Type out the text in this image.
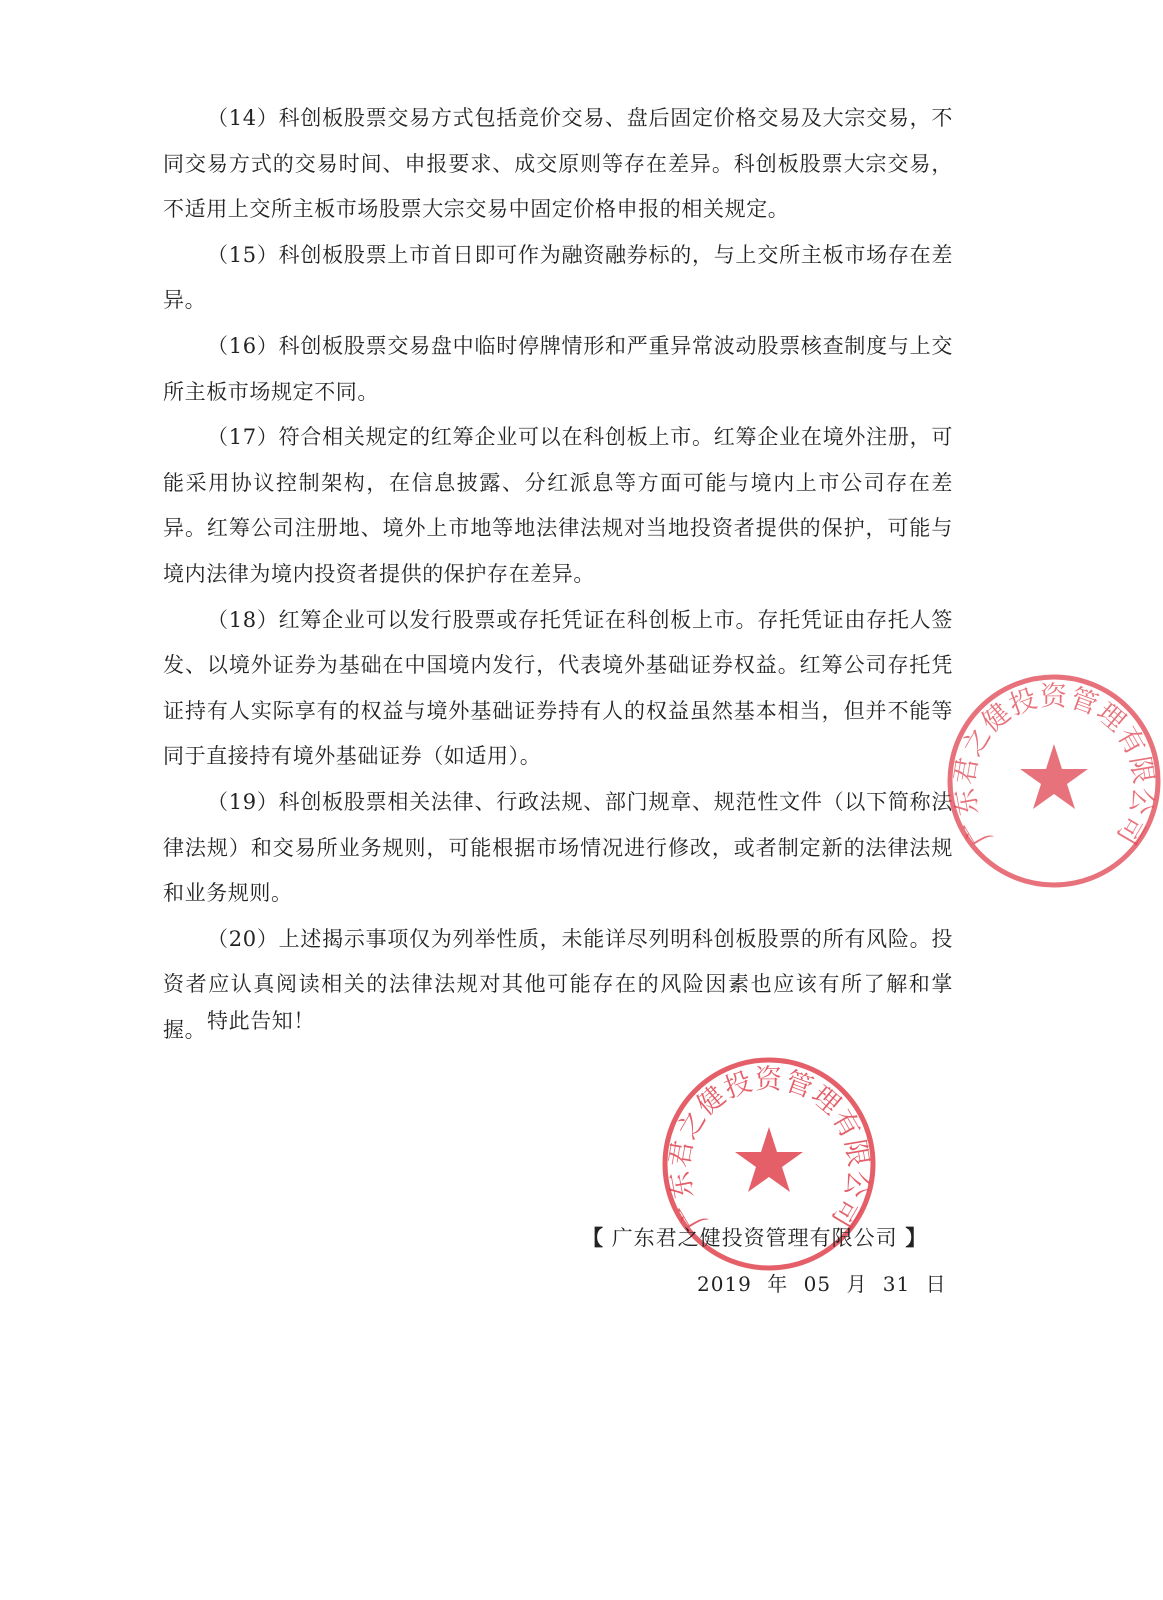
（14）科创板股票交易方式包括竞价交易、盘后固定价格交易及大宗交易，不同交易方式的交易时间、申报要求、成交原则等存在差异。科创板股票大宗交易，不适用上交所主板市场股票大宗交易中固定价格申报的相关规定。

（15）科创板股票上市首日即可作为融资融券标的，与上交所主板市场存在差异。

（16）科创板股票交易盘中临时停牌情形和严重异常波动股票核查制度与上交所主板市场规定不同。

（17）符合相关规定的红筹企业可以在科创板上市。红筹企业在境外注册，可能采用协议控制架构，在信息披露、分红派息等方面可能与境内上市公司存在差异。红筹公司注册地、境外上市地等地法律法规对当地投资者提供的保护，可能与境内法律为境内投资者提供的保护存在差异。

（18）红筹企业可以发行股票或存托凭证在科创板上市。存托凭证由存托人签发、以境外证券为基础在中国境内发行，代表境外基础证券权益。红筹公司存托凭证持有人实际享有的权益与境外基础证券持有人的权益虽然基本相当，但并不能等同于直接持有境外基础证券（如适用）。

（19）科创板股票相关法律、行政法规、部门规章、规范性文件（以下简称法律法规）和交易所业务规则，可能根据市场情况进行修改，或者制定新的法律法规和业务规则。

（20）上述揭示事项仅为列举性质，未能详尽列明科创板股票的所有风险。投资者应认真阅读相关的法律法规对其他可能存在的风险因素也应该有所了解和掌握。 特此告知！
广东君之健投资管理有限公司
广东君之健投资管理有限公司
【 广东君之健投资管理有限公司 】
2019 年 05 月 31 日
